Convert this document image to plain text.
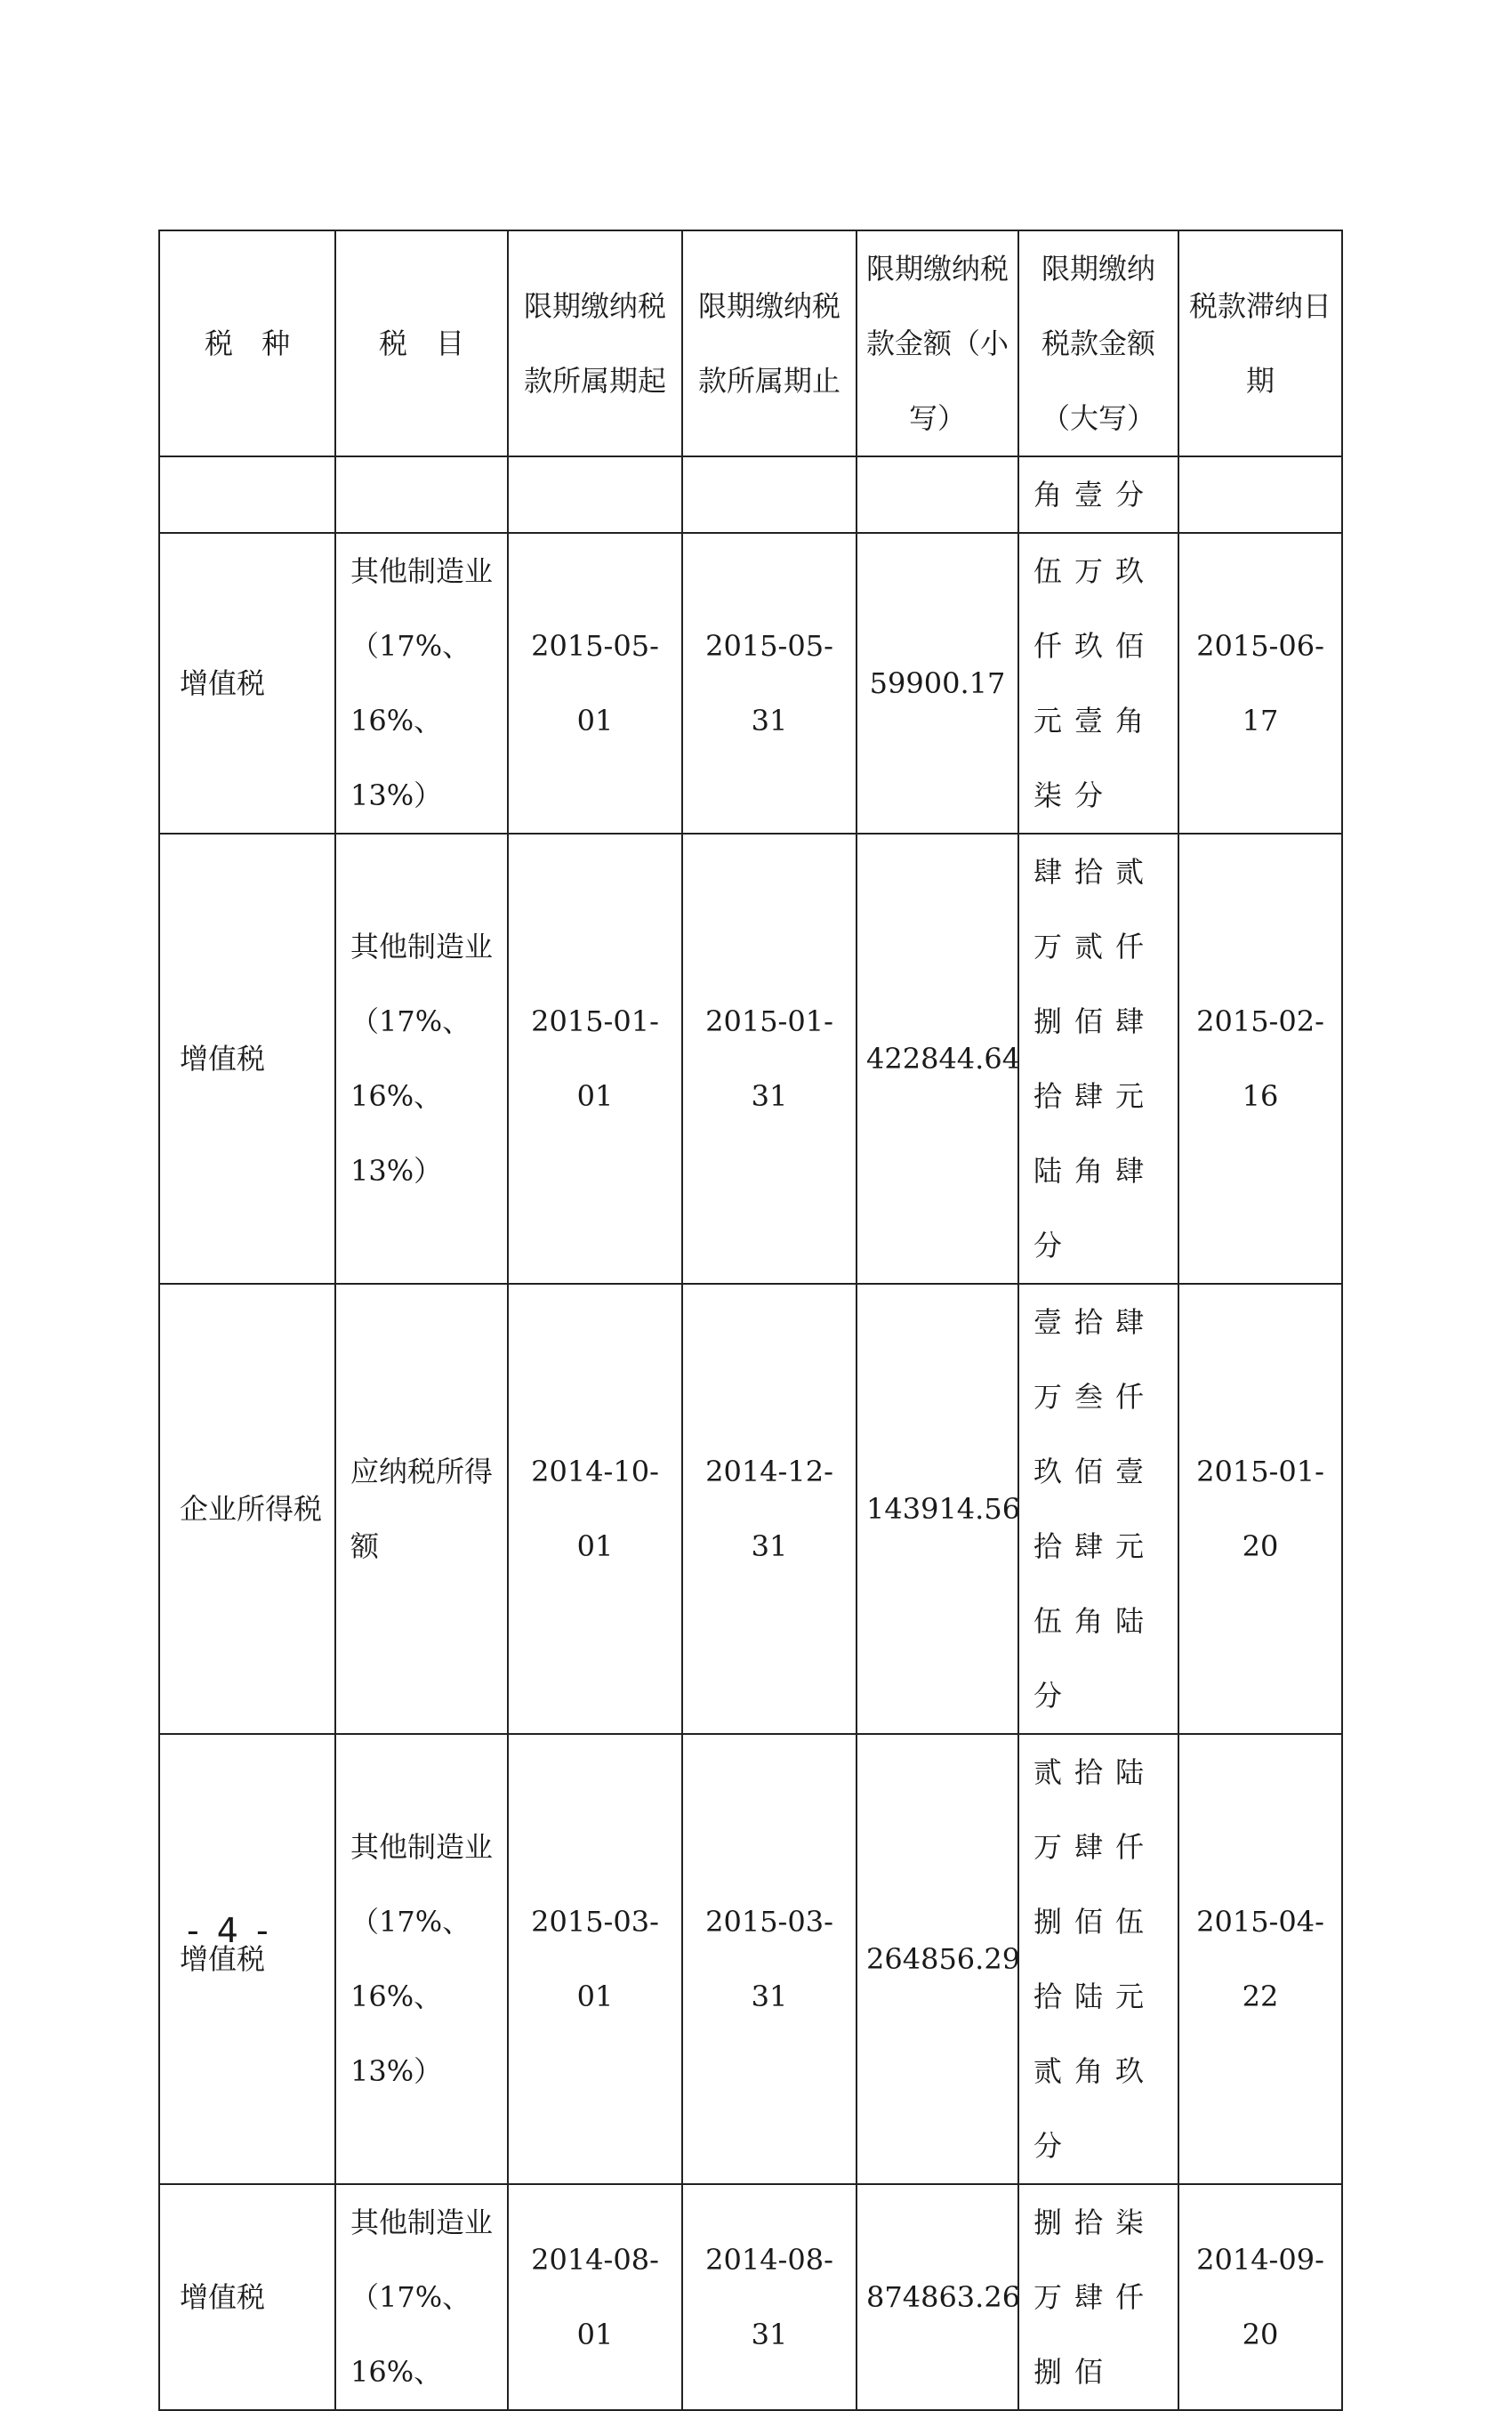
税　种	税　目	限期缴纳税款所属期起	限期缴纳税款所属期止	限期缴纳税款金额（小写）	限期缴纳税款金额（大写）	税款滞纳日期
					角壹分	
增值税	其他制造业（17%、16%、13%）	2015-05-01	2015-05-31	59900.17	伍万玖仟玖佰元壹角柒分	2015-06-17
增值税	其他制造业（17%、16%、13%）	2015-01-01	2015-01-31	422844.64	肆拾贰万贰仟捌佰肆拾肆元陆角肆分	2015-02-16
企业所得税	应纳税所得额	2014-10-01	2014-12-31	143914.56	壹拾肆万叁仟玖佰壹拾肆元伍角陆分	2015-01-20
增值税	其他制造业（17%、16%、13%）	2015-03-01	2015-03-31	264856.29	贰拾陆万肆仟捌佰伍拾陆元贰角玖分	2015-04-22
增值税	其他制造业（17%、16%、	2014-08-01	2014-08-31	874863.26	捌拾柒万肆仟捌佰	2014-09-20
- 4 -
